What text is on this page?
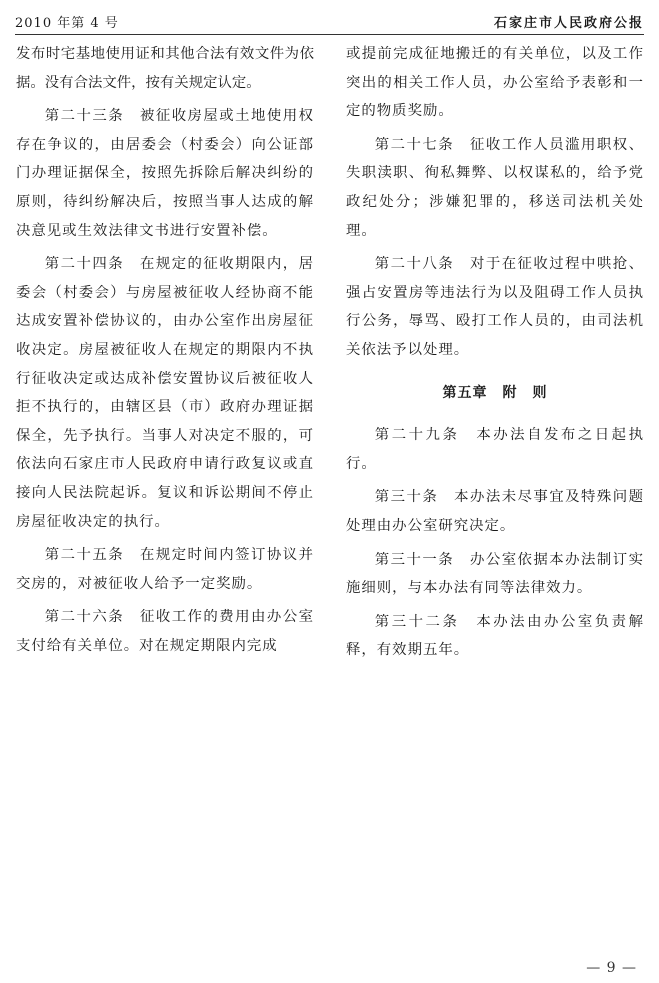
2010 年第 4 号	石家庄市人民政府公报

发布时宅基地使用证和其他合法有效文件为依据。没有合法文件，按有关规定认定。

第二十三条　被征收房屋或土地使用权存在争议的，由居委会（村委会）向公证部门办理证据保全，按照先拆除后解决纠纷的原则，待纠纷解决后，按照当事人达成的解决意见或生效法律文书进行安置补偿。

第二十四条　在规定的征收期限内，居委会（村委会）与房屋被征收人经协商不能达成安置补偿协议的，由办公室作出房屋征收决定。房屋被征收人在规定的期限内不执行征收决定或达成补偿安置协议后被征收人拒不执行的，由辖区县（市）政府办理证据保全，先予执行。当事人对决定不服的，可依法向石家庄市人民政府申请行政复议或直接向人民法院起诉。复议和诉讼期间不停止房屋征收决定的执行。

第二十五条　在规定时间内签订协议并交房的，对被征收人给予一定奖励。

第二十六条　征收工作的费用由办公室支付给有关单位。对在规定期限内完成

或提前完成征地搬迁的有关单位，以及工作突出的相关工作人员，办公室给予表彰和一定的物质奖励。

第二十七条　征收工作人员滥用职权、失职渎职、徇私舞弊、以权谋私的，给予党政纪处分；涉嫌犯罪的，移送司法机关处理。

第二十八条　对于在征收过程中哄抢、强占安置房等违法行为以及阻碍工作人员执行公务，辱骂、殴打工作人员的，由司法机关依法予以处理。

第五章　附　则

第二十九条　本办法自发布之日起执行。

第三十条　本办法未尽事宜及特殊问题处理由办公室研究决定。

第三十一条　办公室依据本办法制订实施细则，与本办法有同等法律效力。

第三十二条　本办法由办公室负责解释，有效期五年。

— 9 —
